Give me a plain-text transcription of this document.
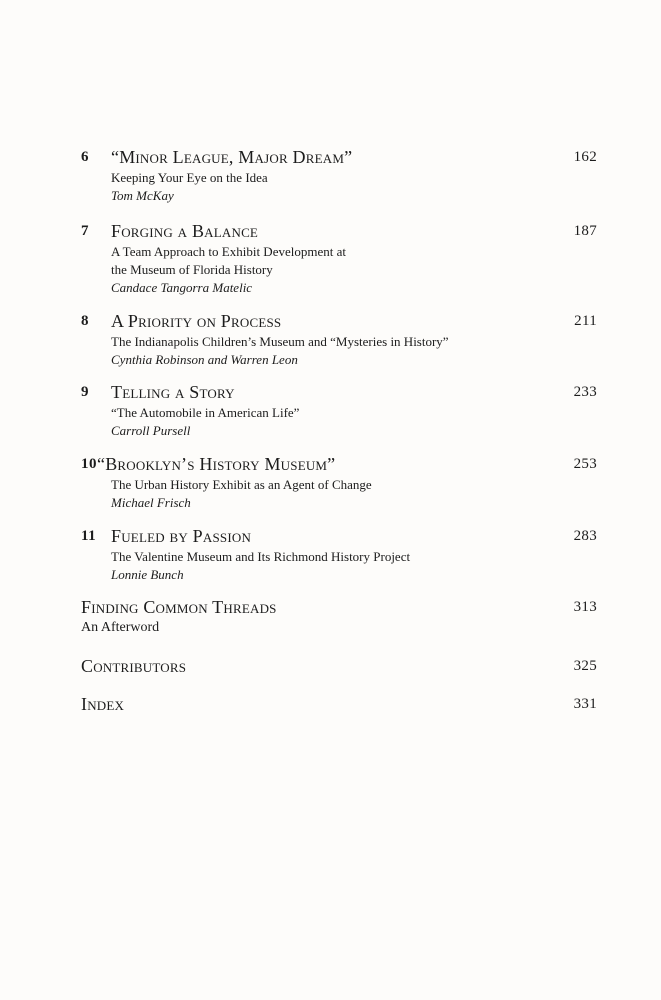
6 “Minor League, Major Dream”	162
Keeping Your Eye on the Idea
Tom McKay
7 Forging a Balance	187
A Team Approach to Exhibit Development at
the Museum of Florida History
Candace Tangorra Matelic
8 A Priority on Process	211
The Indianapolis Children’s Museum and “Mysteries in History”
Cynthia Robinson and Warren Leon
9 Telling a Story	233
“The Automobile in American Life”
Carroll Pursell
10 “Brooklyn’s History Museum”	253
The Urban History Exhibit as an Agent of Change
Michael Frisch
11 Fueled by Passion	283
The Valentine Museum and Its Richmond History Project
Lonnie Bunch
Finding Common Threads	313
An Afterword
Contributors	325
Index	331
